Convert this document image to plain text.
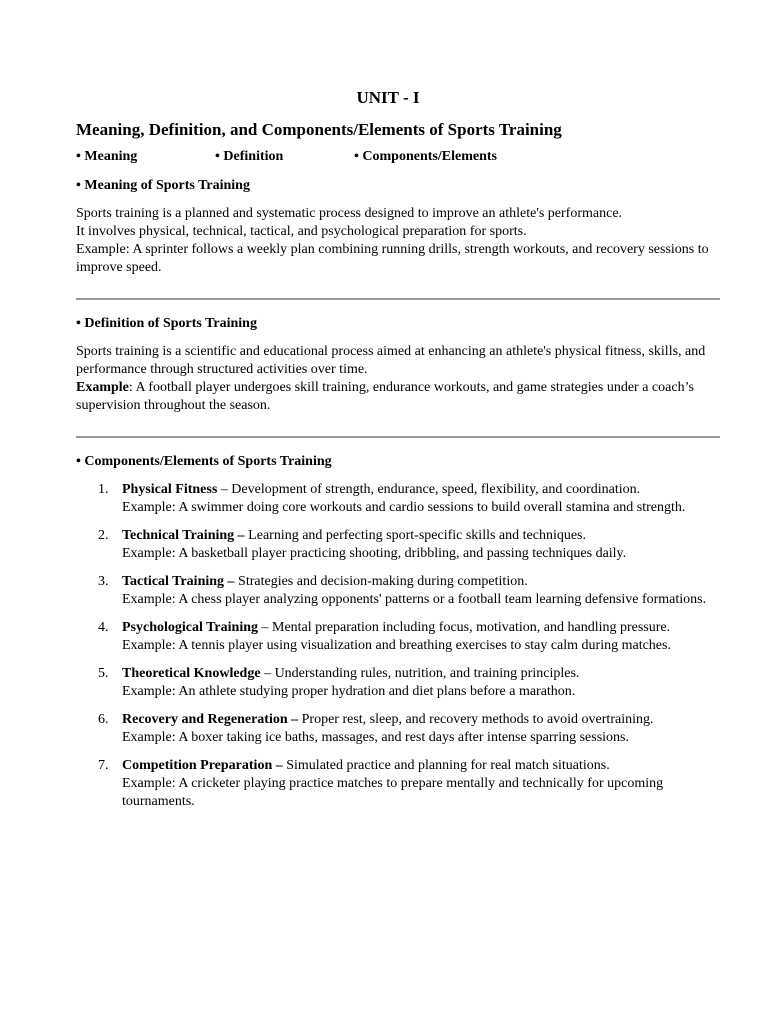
UNIT - I
Meaning, Definition, and Components/Elements of Sports Training
• Meaning	• Definition	• Components/Elements

• Meaning of Sports Training

Sports training is a planned and systematic process designed to improve an athlete's performance.
It involves physical, technical, tactical, and psychological preparation for sports.
Example: A sprinter follows a weekly plan combining running drills, strength workouts, and recovery sessions to improve speed.

• Definition of Sports Training

Sports training is a scientific and educational process aimed at enhancing an athlete's physical fitness, skills, and performance through structured activities over time.
Example: A football player undergoes skill training, endurance workouts, and game strategies under a coach’s supervision throughout the season.

• Components/Elements of Sports Training

1. Physical Fitness – Development of strength, endurance, speed, flexibility, and coordination.
Example: A swimmer doing core workouts and cardio sessions to build overall stamina and strength.
2. Technical Training – Learning and perfecting sport-specific skills and techniques.
Example: A basketball player practicing shooting, dribbling, and passing techniques daily.
3. Tactical Training – Strategies and decision-making during competition.
Example: A chess player analyzing opponents' patterns or a football team learning defensive formations.
4. Psychological Training – Mental preparation including focus, motivation, and handling pressure.
Example: A tennis player using visualization and breathing exercises to stay calm during matches.
5. Theoretical Knowledge – Understanding rules, nutrition, and training principles.
Example: An athlete studying proper hydration and diet plans before a marathon.
6. Recovery and Regeneration – Proper rest, sleep, and recovery methods to avoid overtraining.
Example: A boxer taking ice baths, massages, and rest days after intense sparring sessions.
7. Competition Preparation – Simulated practice and planning for real match situations.
Example: A cricketer playing practice matches to prepare mentally and technically for upcoming tournaments.
